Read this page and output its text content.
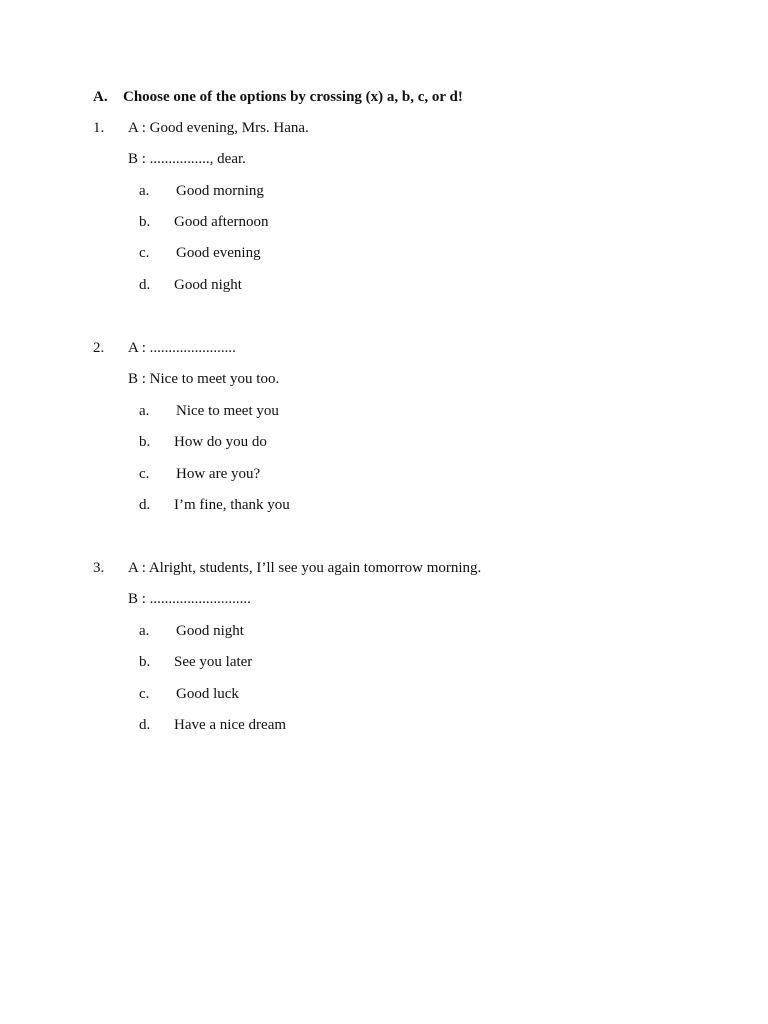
A. Choose one of the options by crossing (x) a, b, c, or d!
1. A : Good evening, Mrs. Hana.
B : ................, dear.
a. Good morning
b. Good afternoon
c. Good evening
d. Good night
2. A : .......................
B : Nice to meet you too.
a. Nice to meet you
b. How do you do
c. How are you?
d. I’m fine, thank you
3. A : Alright, students, I’ll see you again tomorrow morning.
B : ...........................
a. Good night
b. See you later
c. Good luck
d. Have a nice dream
